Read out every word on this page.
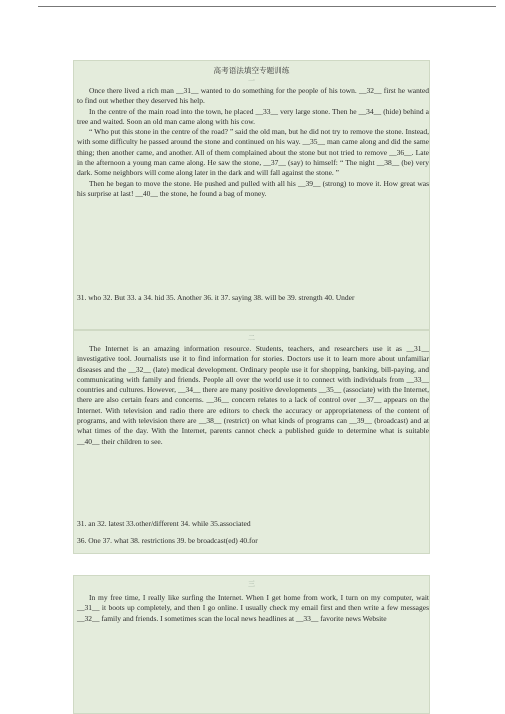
高考语法填空专题训练
一

Once there lived a rich man __31__ wanted to do something for the people of his town. __32__ first he wanted to find out whether they deserved his help.

In the centre of the main road into the town, he placed __33__ very large stone. Then he __34__ (hide) behind a tree and waited. Soon an old man came along with his cow.

“ Who put this stone in the centre of the road? ” said the old man, but he did not try to remove the stone. Instead, with some difficulty he passed around the stone and continued on his way. __35__ man came along and did the same thing; then another came, and another. All of them complained about the stone but not tried to remove __36__. Late in the afternoon a young man came along. He saw the stone, __37__ (say) to himself: “ The night __38__ (be) very dark. Some neighbors will come along later in the dark and will fall against the stone. ”

Then he began to move the stone. He pushed and pulled with all his __39__ (strong) to move it. How great was his surprise at last! __40__ the stone, he found a bag of money.

31. who 32. But 33. a 34. hid 35. Another 36. it 37. saying 38. will be 39. strength 40. Under
二

The Internet is an amazing information resource. Students, teachers, and researchers use it as __31__ investigative tool. Journalists use it to find information for stories. Doctors use it to learn more about unfamiliar diseases and the __32__ (late) medical development. Ordinary people use it for shopping, banking, bill-paying, and communicating with family and friends. People all over the world use it to connect with individuals from __33__ countries and cultures. However, __34__ there are many positive developments __35__ (associate) with the Internet, there are also certain fears and concerns. __36__ concern relates to a lack of control over __37__ appears on the Internet. With television and radio there are editors to check the accuracy or appropriateness of the content of programs, and with television there are __38__ (restrict) on what kinds of programs can __39__ (broadcast) and at what times of the day. With the Internet, parents cannot check a published guide to determine what is suitable __40__ their children to see.

31. an 32. latest 33.other/different 34. while 35.associated
36. One 37. what 38. restrictions 39. be broadcast(ed) 40.for
三

In my free time, I really like surfing the Internet. When I get home from work, I turn on my computer, wait __31__ it boots up completely, and then I go online. I usually check my email first and then write a few messages __32__ family and friends. I sometimes scan the local news headlines at __33__ favorite news Website
